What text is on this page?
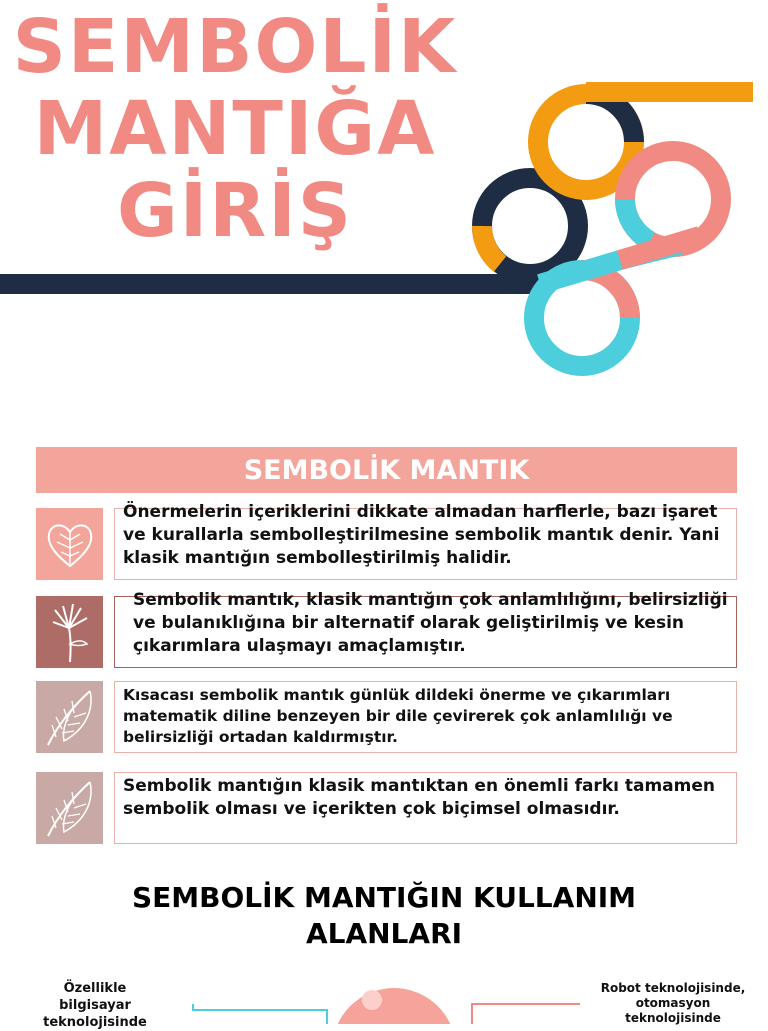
SEMBOLİK
MANTIĞA
GİRİŞ
SEMBOLİK MANTIK
Önermelerin içeriklerini dikkate almadan harflerle, bazı işaret ve kurallarla sembolleştirilmesine sembolik mantık denir. Yani klasik mantığın sembolleştirilmiş halidir.
Sembolik mantık, klasik mantığın çok anlamlılığını, belirsizliği ve bulanıklığına bir alternatif olarak geliştirilmiş ve kesin çıkarımlara ulaşmayı amaçlamıştır.
Kısacası sembolik mantık günlük dildeki önerme ve çıkarımları matematik diline benzeyen bir dile çevirerek çok anlamlılığı ve belirsizliği ortadan kaldırmıştır.
Sembolik mantığın klasik mantıktan en önemli farkı tamamen sembolik olması ve içerikten çok biçimsel olmasıdır.
SEMBOLİK MANTIĞIN KULLANIM ALANLARI
Özellikle bilgisayar teknolojisinde
Robot teknolojisinde, otomasyon teknolojisinde
